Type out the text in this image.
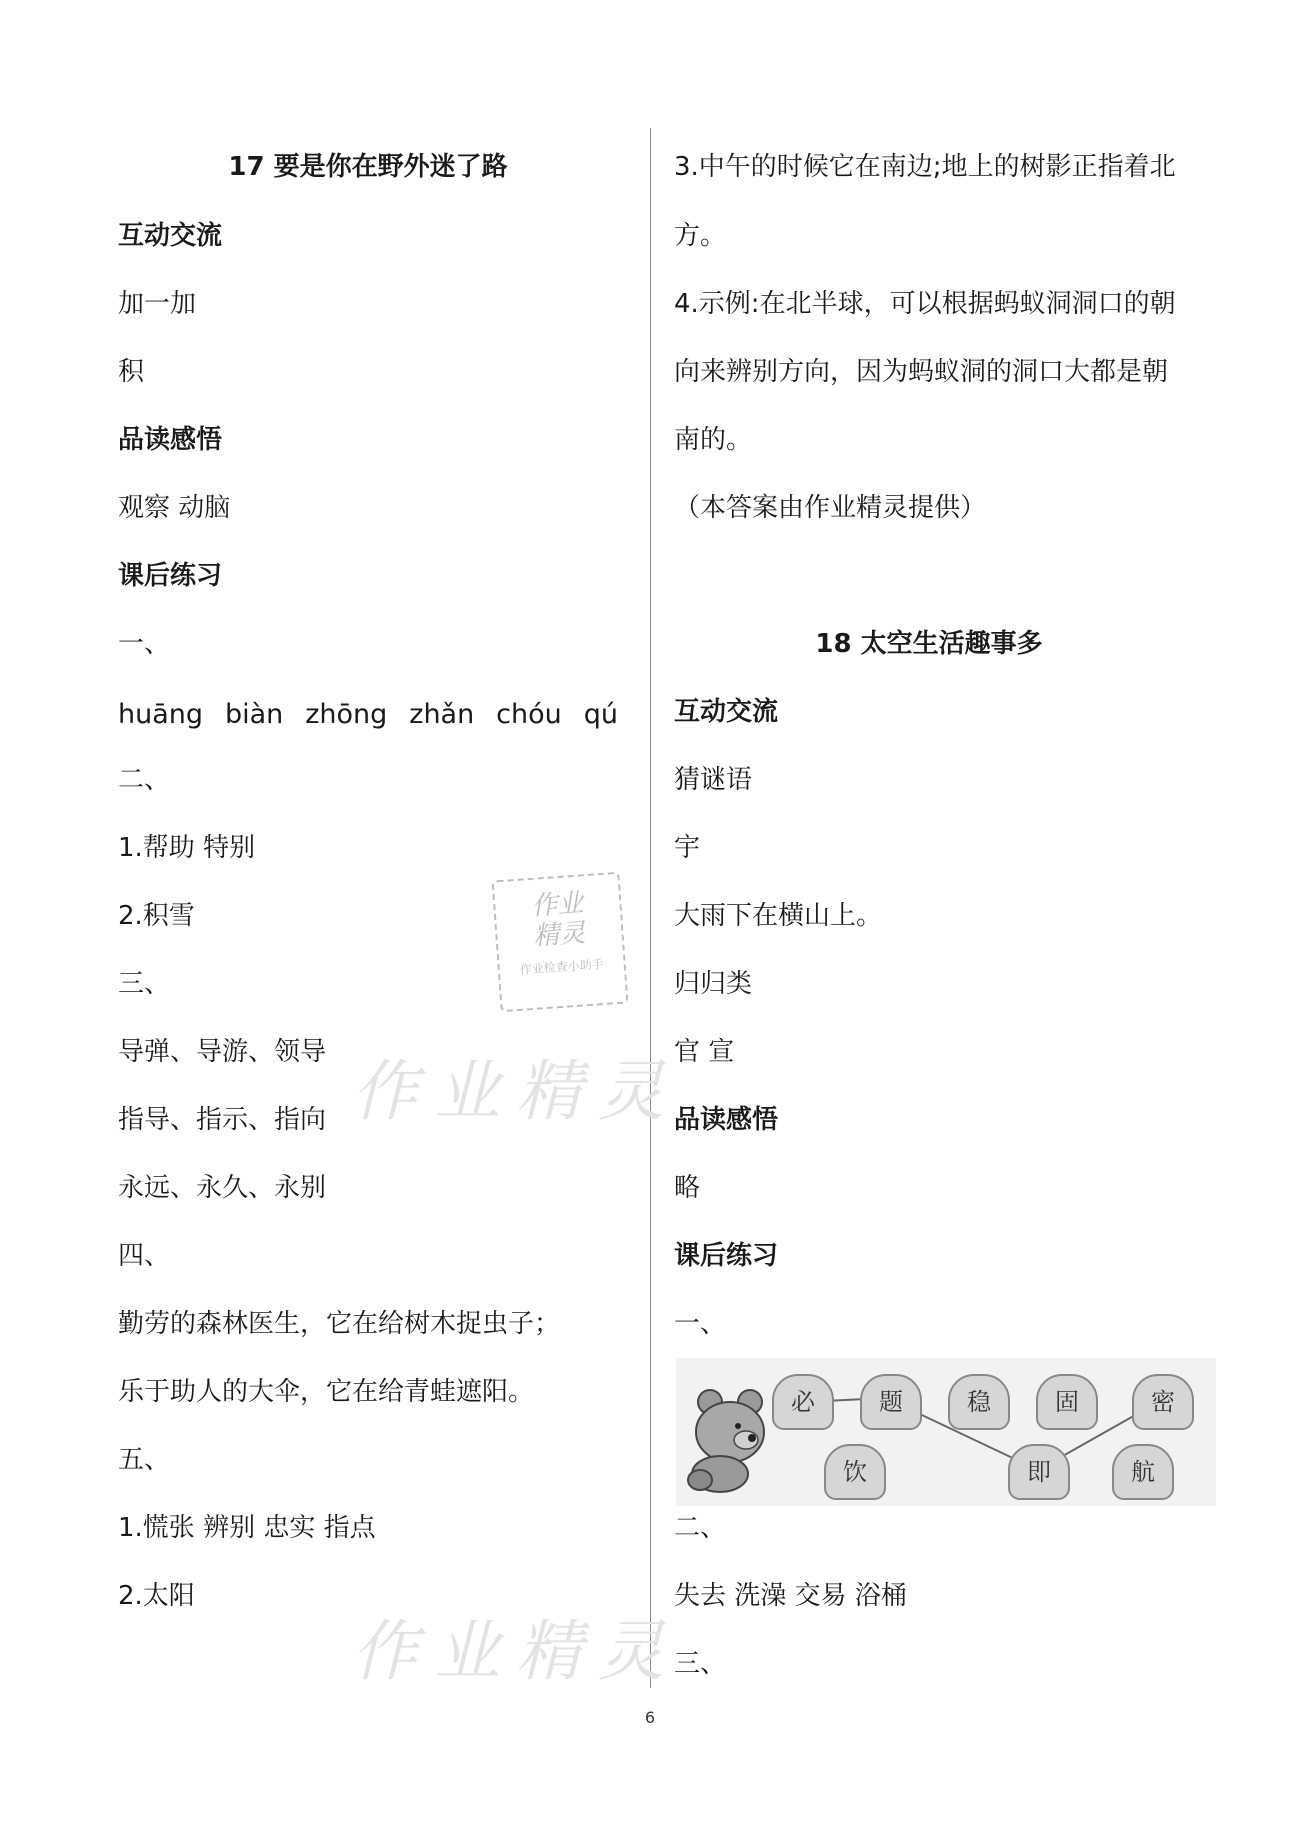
17 要是你在野外迷了路
互动交流
加一加
积
品读感悟
观察 动脑
课后练习
一、
huāng biàn zhōng zhǎn chóu qú
二、
1.帮助 特别
2.积雪
三、
导弹、导游、领导
指导、指示、指向
永远、永久、永别
四、
勤劳的森林医生，它在给树木捉虫子；
乐于助人的大伞，它在给青蛙遮阳。
五、
1.慌张 辨别 忠实 指点
2.太阳
作业
精灵
作业检查小助手
作业精灵
作业精灵
3.中午的时候它在南边;地上的树影正指着北
方。
4.示例:在北半球，可以根据蚂蚁洞洞口的朝
向来辨别方向，因为蚂蚁洞的洞口大都是朝
南的。
（本答案由作业精灵提供）
18 太空生活趣事多
互动交流
猜谜语
宇
大雨下在横山上。
归归类
官 宣
品读感悟
略
课后练习
一、
必	题	稳	固	密
饮	即	航
二、
失去 洗澡 交易 浴桶
三、
6
